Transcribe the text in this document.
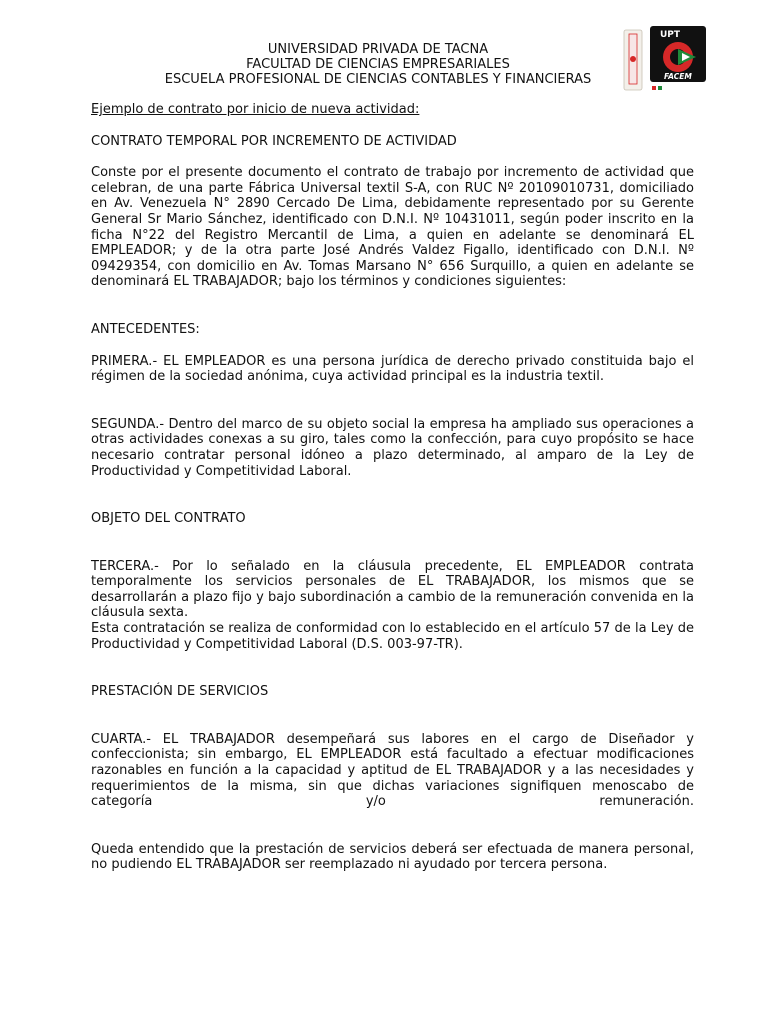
UNIVERSIDAD PRIVADA DE TACNA
FACULTAD DE CIENCIAS EMPRESARIALES
ESCUELA PROFESIONAL DE CIENCIAS CONTABLES Y FINANCIERAS
UPT
FACEM

Ejemplo de contrato por inicio de nueva actividad:

CONTRATO TEMPORAL POR INCREMENTO DE ACTIVIDAD

Conste por el presente documento el contrato de trabajo por incremento de actividad que celebran, de una parte Fábrica Universal textil S-A, con RUC Nº 20109010731, domiciliado en Av. Venezuela N° 2890 Cercado De Lima, debidamente representado por su Gerente General Sr Mario Sánchez, identificado con D.N.I. Nº 10431011, según poder inscrito en la ficha N°22 del Registro Mercantil de Lima, a quien en adelante se denominará EL EMPLEADOR; y de la otra parte José Andrés Valdez Figallo, identificado con D.N.I. Nº 09429354, con domicilio en Av. Tomas Marsano N° 656 Surquillo, a quien en adelante se denominará EL TRABAJADOR; bajo los términos y condiciones siguientes:

ANTECEDENTES:

PRIMERA.- EL EMPLEADOR es una persona jurídica de derecho privado constituida bajo el régimen de la sociedad anónima, cuya actividad principal es la industria textil.

SEGUNDA.- Dentro del marco de su objeto social la empresa ha ampliado sus operaciones a otras actividades conexas a su giro, tales como la confección, para cuyo propósito se hace necesario contratar personal idóneo a plazo determinado, al amparo de la Ley de Productividad y Competitividad Laboral.

OBJETO DEL CONTRATO

TERCERA.- Por lo señalado en la cláusula precedente, EL EMPLEADOR contrata temporalmente los servicios personales de EL TRABAJADOR, los mismos que se desarrollarán a plazo fijo y bajo subordinación a cambio de la remuneración convenida en la cláusula sexta.

Esta contratación se realiza de conformidad con lo establecido en el artículo 57 de la Ley de Productividad y Competitividad Laboral (D.S. 003-97-TR).

PRESTACIÓN DE SERVICIOS

CUARTA.- EL TRABAJADOR desempeñará sus labores en el cargo de Diseñador y confeccionista; sin embargo, EL EMPLEADOR está facultado a efectuar modificaciones razonables en función a la capacidad y aptitud de EL TRABAJADOR y a las necesidades y requerimientos de la misma, sin que dichas variaciones signifiquen menoscabo de categoría y/o remuneración.

Queda entendido que la prestación de servicios deberá ser efectuada de manera personal, no pudiendo EL TRABAJADOR ser reemplazado ni ayudado por tercera persona.
